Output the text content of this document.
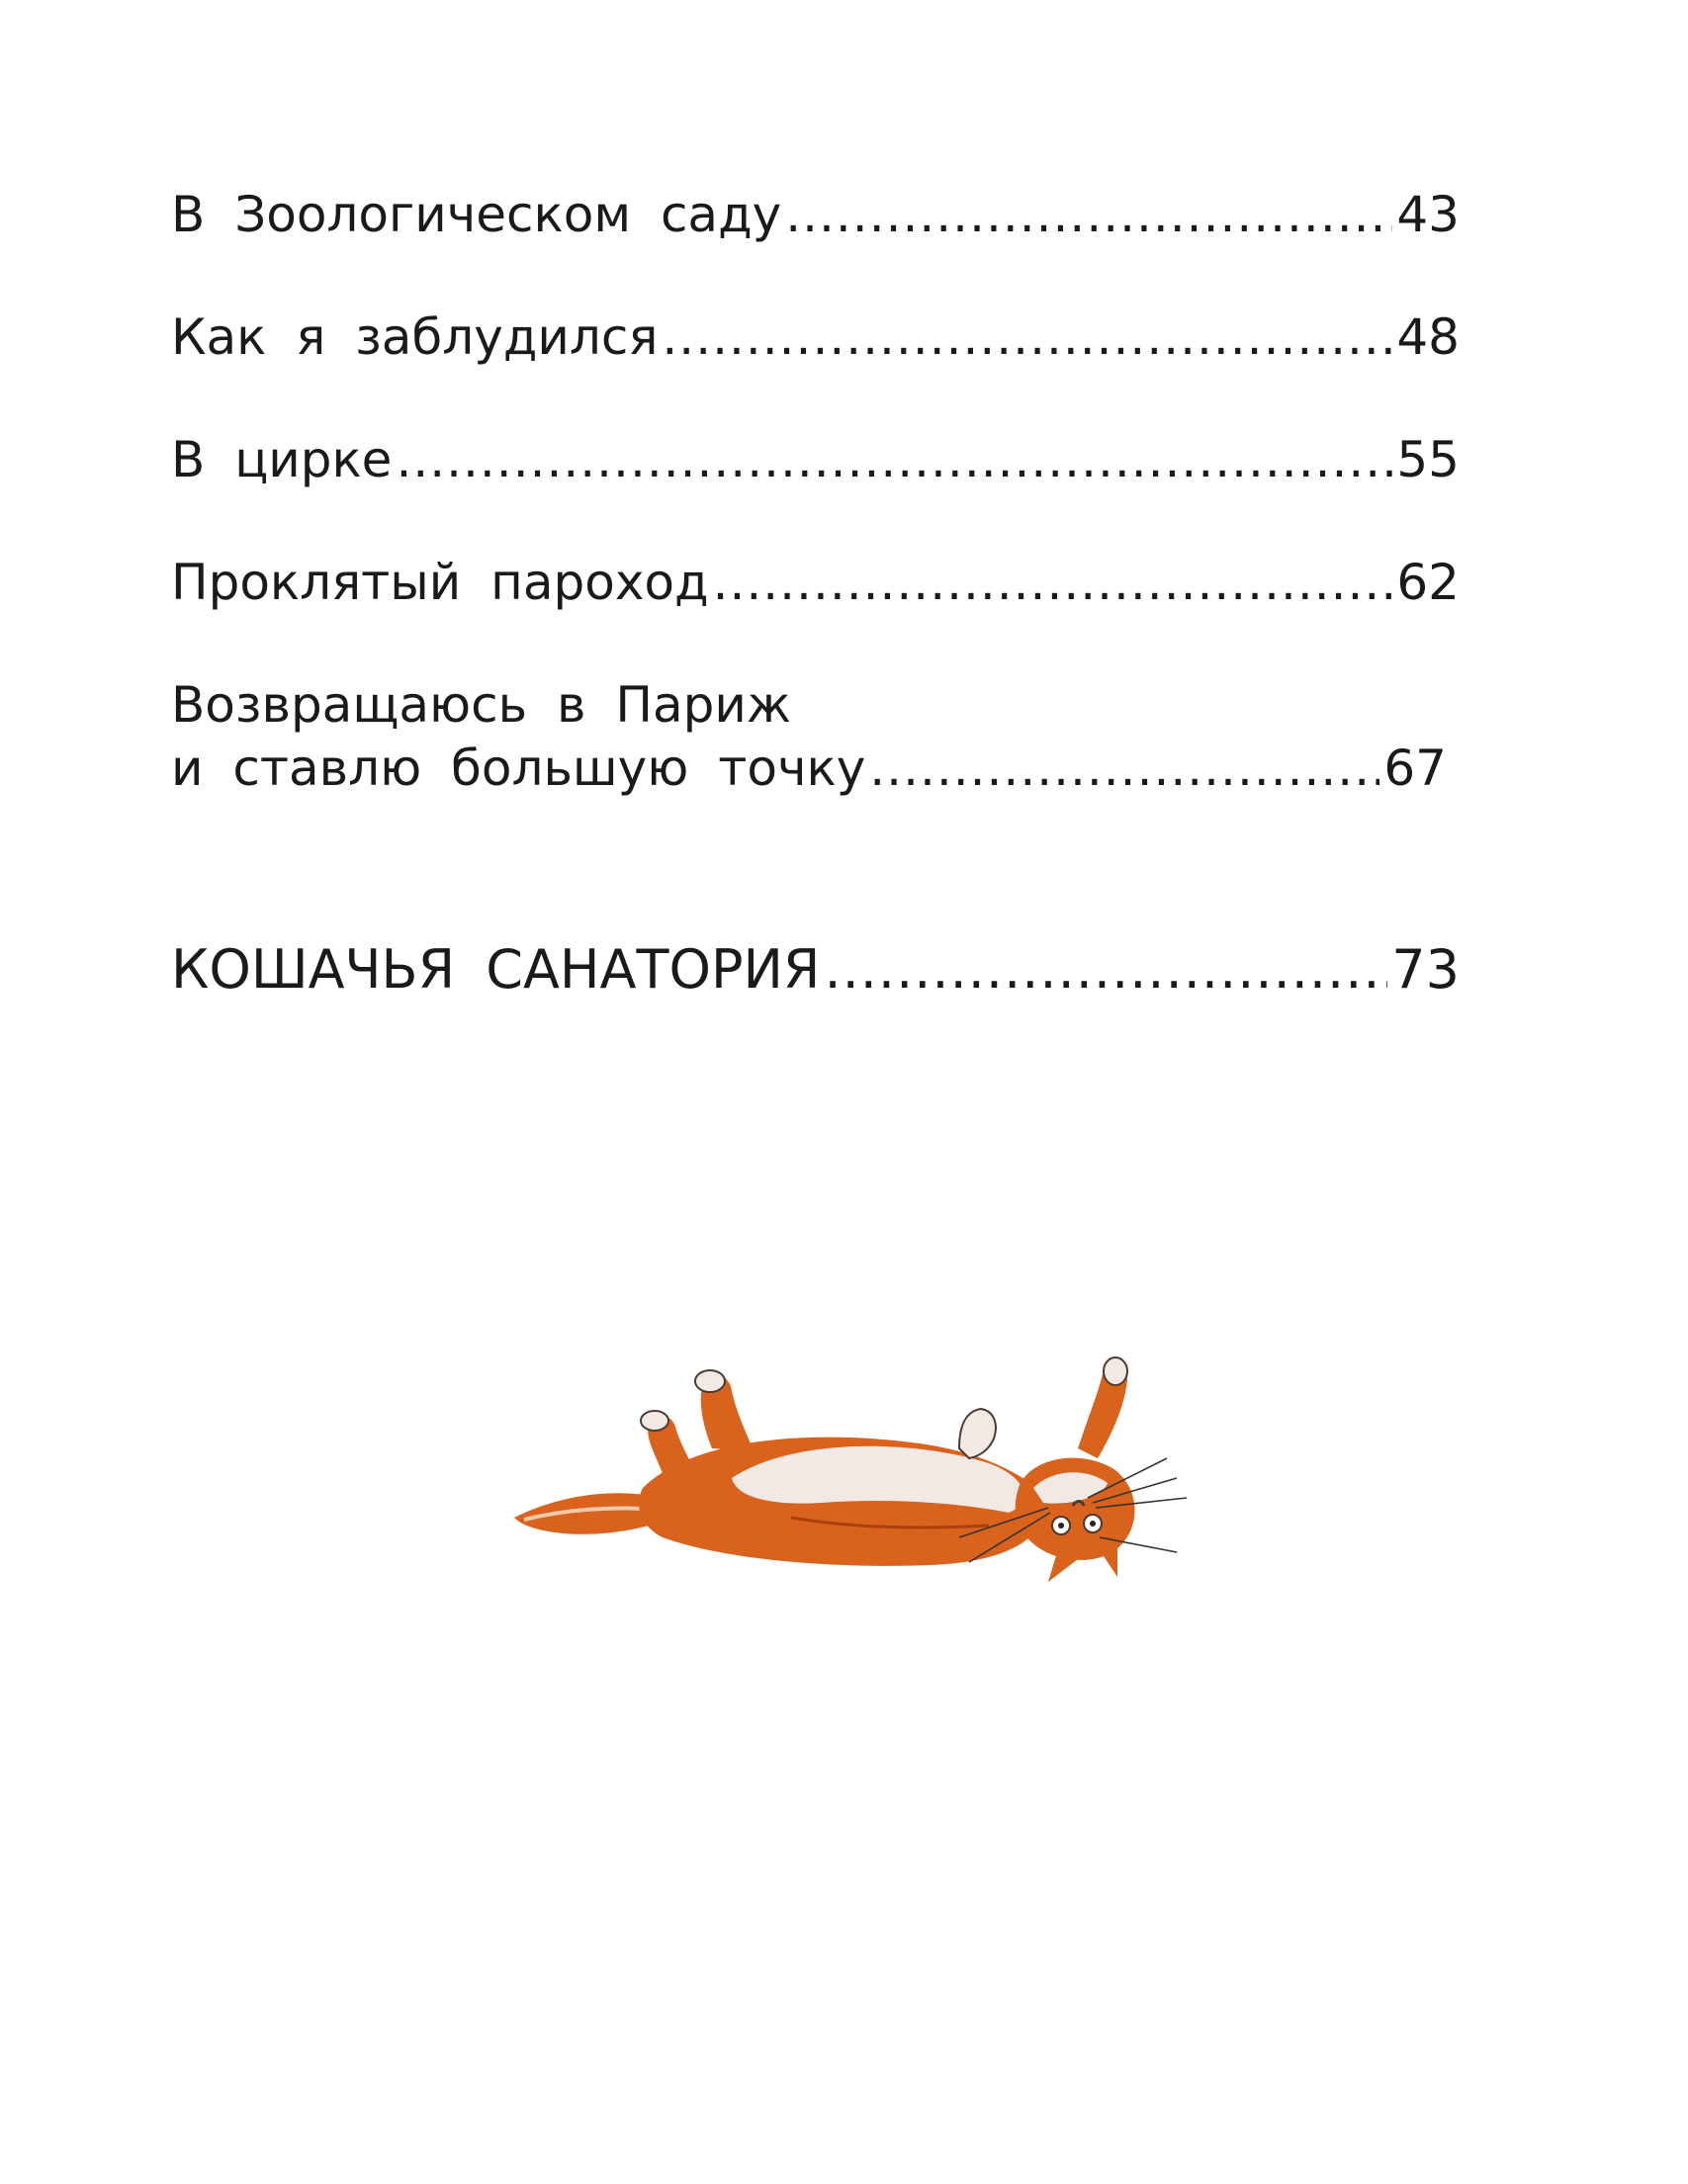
В Зоологическом саду .....	43
Как я заблудился .....	48
В цирке .....	55
Проклятый пароход .....	62
Возвращаюсь в Париж
и ставлю большую точку .....	67
КОШАЧЬЯ САНАТОРИЯ .....	73
